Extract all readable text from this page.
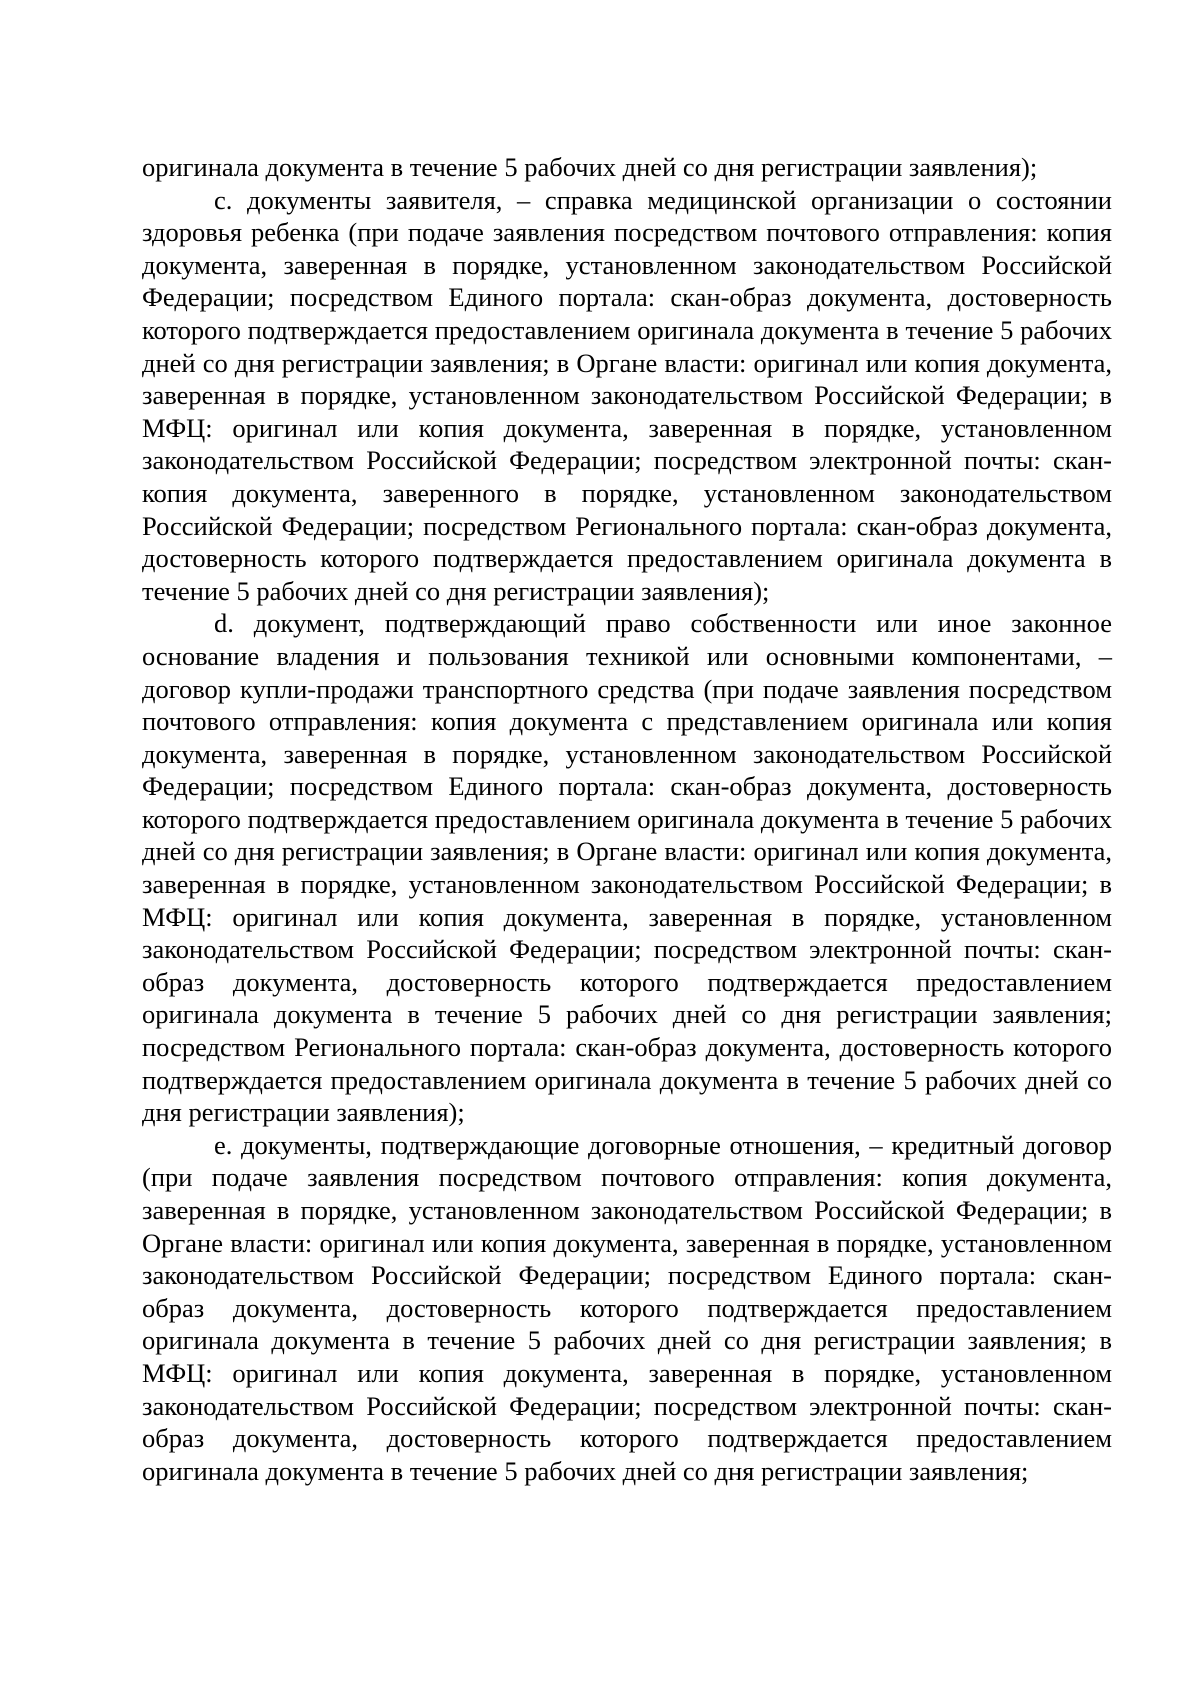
оригинала документа в течение 5 рабочих дней со дня регистрации заявления);

c. документы заявителя, – справка медицинской организации о состоянии здоровья ребенка (при подаче заявления посредством почтового отправления: копия документа, заверенная в порядке, установленном законодательством Российской Федерации; посредством Единого портала: скан-образ документа, достоверность которого подтверждается предоставлением оригинала документа в течение 5 рабочих дней со дня регистрации заявления; в Органе власти: оригинал или копия документа, заверенная в порядке, установленном законодательством Российской Федерации; в МФЦ: оригинал или копия документа, заверенная в порядке, установленном законодательством Российской Федерации; посредством электронной почты: скан-копия документа, заверенного в порядке, установленном законодательством Российской Федерации; посредством Регионального портала: скан-образ документа, достоверность которого подтверждается предоставлением оригинала документа в течение 5 рабочих дней со дня регистрации заявления);

d. документ, подтверждающий право собственности или иное законное основание владения и пользования техникой или основными компонентами, – договор купли-продажи транспортного средства (при подаче заявления посредством почтового отправления: копия документа с представлением оригинала или копия документа, заверенная в порядке, установленном законодательством Российской Федерации; посредством Единого портала: скан-образ документа, достоверность которого подтверждается предоставлением оригинала документа в течение 5 рабочих дней со дня регистрации заявления; в Органе власти: оригинал или копия документа, заверенная в порядке, установленном законодательством Российской Федерации; в МФЦ: оригинал или копия документа, заверенная в порядке, установленном законодательством Российской Федерации; посредством электронной почты: скан-образ документа, достоверность которого подтверждается предоставлением оригинала документа в течение 5 рабочих дней со дня регистрации заявления; посредством Регионального портала: скан-образ документа, достоверность которого подтверждается предоставлением оригинала документа в течение 5 рабочих дней со дня регистрации заявления);

e. документы, подтверждающие договорные отношения, – кредитный договор (при подаче заявления посредством почтового отправления: копия документа, заверенная в порядке, установленном законодательством Российской Федерации; в Органе власти: оригинал или копия документа, заверенная в порядке, установленном законодательством Российской Федерации; посредством Единого портала: скан-образ документа, достоверность которого подтверждается предоставлением оригинала документа в течение 5 рабочих дней со дня регистрации заявления; в МФЦ: оригинал или копия документа, заверенная в порядке, установленном законодательством Российской Федерации; посредством электронной почты: скан-образ документа, достоверность которого подтверждается предоставлением оригинала документа в течение 5 рабочих дней со дня регистрации заявления;
